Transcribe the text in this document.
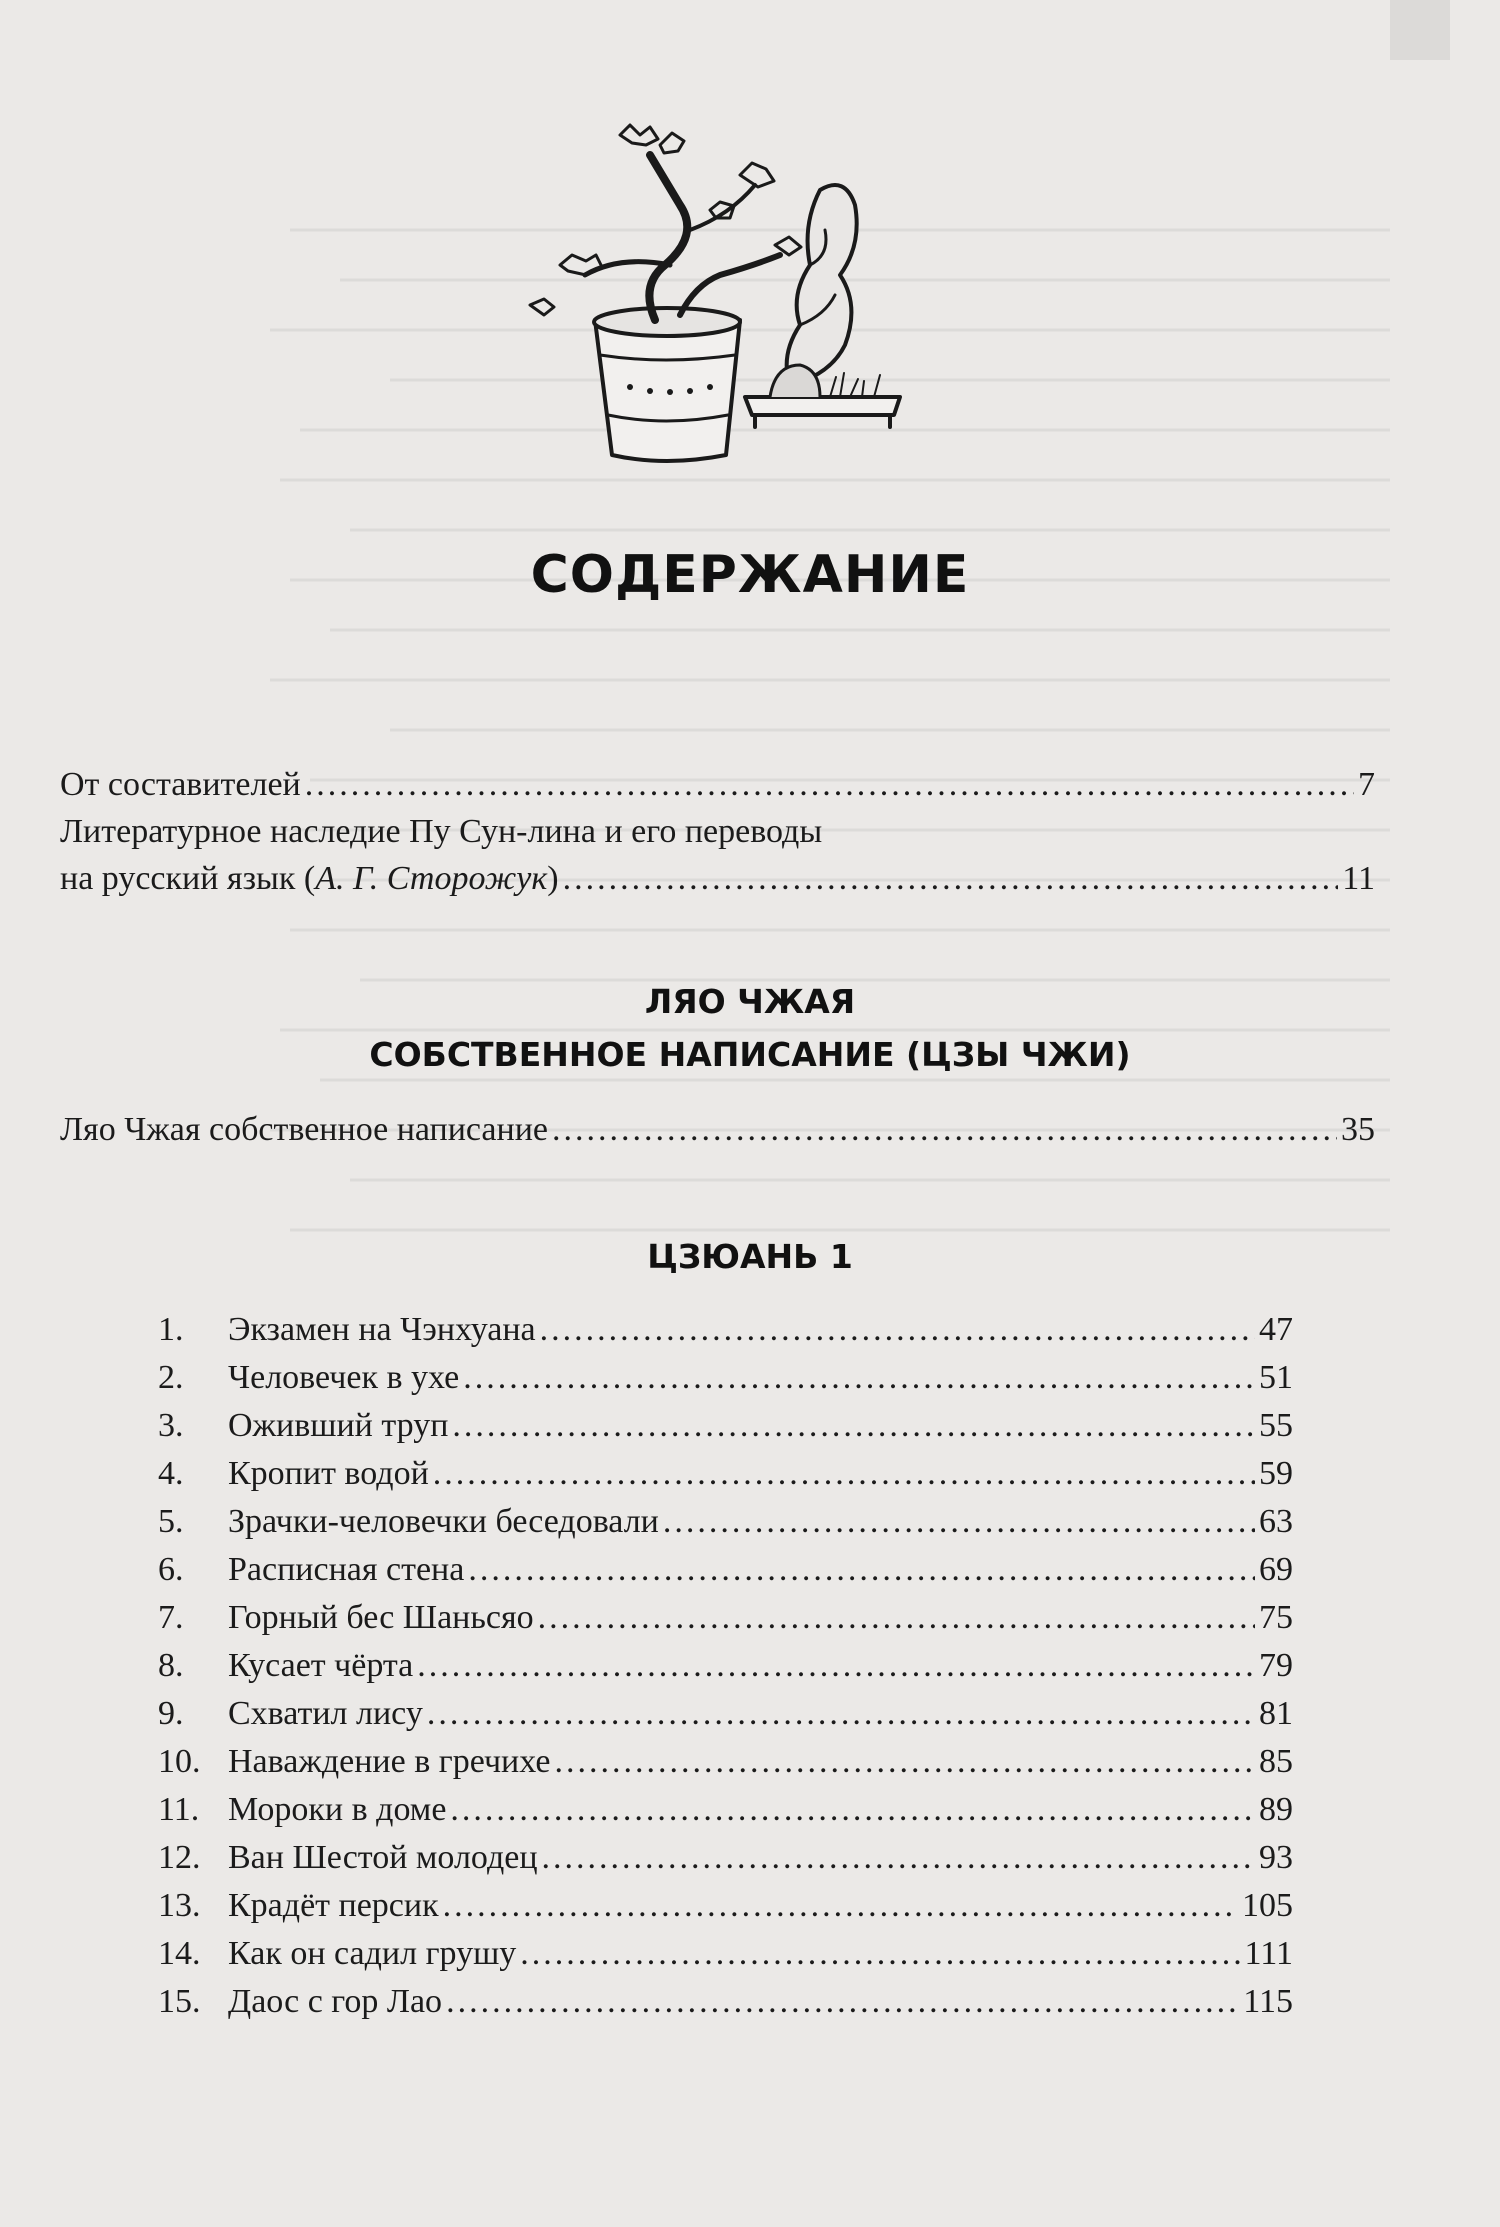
СОДЕРЖАНИЕ
От составителей .....	7
Литературное наследие Пу Сун-лина и его переводы
на русский язык (А. Г. Сторожук) .....	11
ЛЯО ЧЖАЯ
СОБСТВЕННОЕ НАПИСАНИЕ (ЦЗЫ ЧЖИ)
Ляо Чжая собственное написание .....	35
ЦЗЮАНЬ 1
1.	Экзамен на Чэнхуана .....	47
2.	Человечек в ухе .....	51
3.	Оживший труп .....	55
4.	Кропит водой .....	59
5.	Зрачки-человечки беседовали .....	63
6.	Расписная стена .....	69
7.	Горный бес Шаньсяо .....	75
8.	Кусает чёрта .....	79
9.	Схватил лису .....	81
10. Наваждение в гречихе .....	85
11. Мороки в доме .....	89
12. Ван Шестой молодец .....	93
13. Крадёт персик .....	105
14. Как он садил грушу .....	111
15. Даос с гор Лао .....	115
